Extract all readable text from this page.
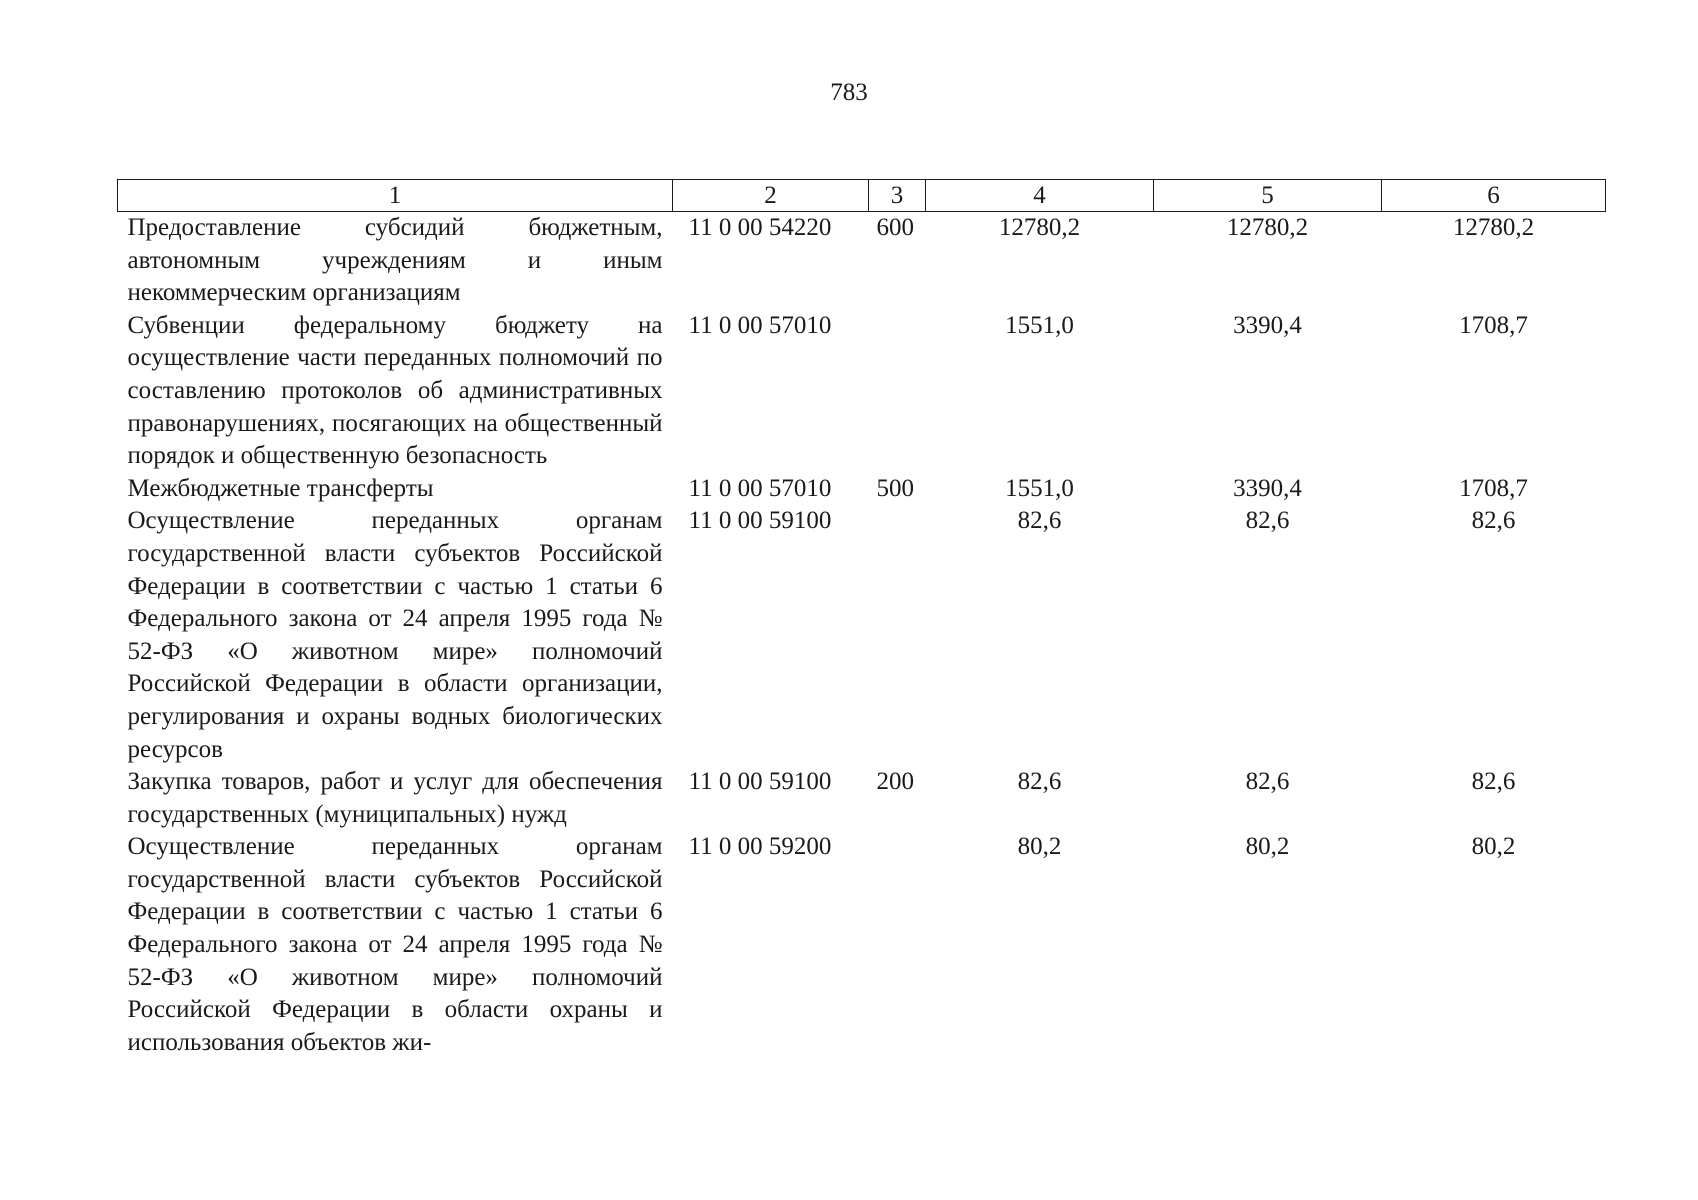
783
1	2	3	4	5	6
Предоставление субсидий бюджетным, автономным учреждениям и иным некоммерческим организациям	11 0 00 54220	600	12780,2	12780,2	12780,2
Субвенции федеральному бюджету на осуществление части переданных полномочий по составлению протоколов об административных правонарушениях, посягающих на общественный порядок и общественную безопасность	11 0 00 57010		1551,0	3390,4	1708,7
Межбюджетные трансферты	11 0 00 57010	500	1551,0	3390,4	1708,7
Осуществление переданных органам государственной власти субъектов Российской Федерации в соответствии с частью 1 статьи 6 Федерального закона от 24 апреля 1995 года № 52-ФЗ «О животном мире» полномочий Российской Федерации в области организации, регулирования и охраны водных биологических ресурсов	11 0 00 59100		82,6	82,6	82,6
Закупка товаров, работ и услуг для обеспечения государственных (муниципальных) нужд	11 0 00 59100	200	82,6	82,6	82,6
Осуществление переданных органам государственной власти субъектов Российской Федерации в соответствии с частью 1 статьи 6 Федерального закона от 24 апреля 1995 года № 52-ФЗ «О животном мире» полномочий Российской Федерации в области охраны и использования объектов жи-	11 0 00 59200		80,2	80,2	80,2
